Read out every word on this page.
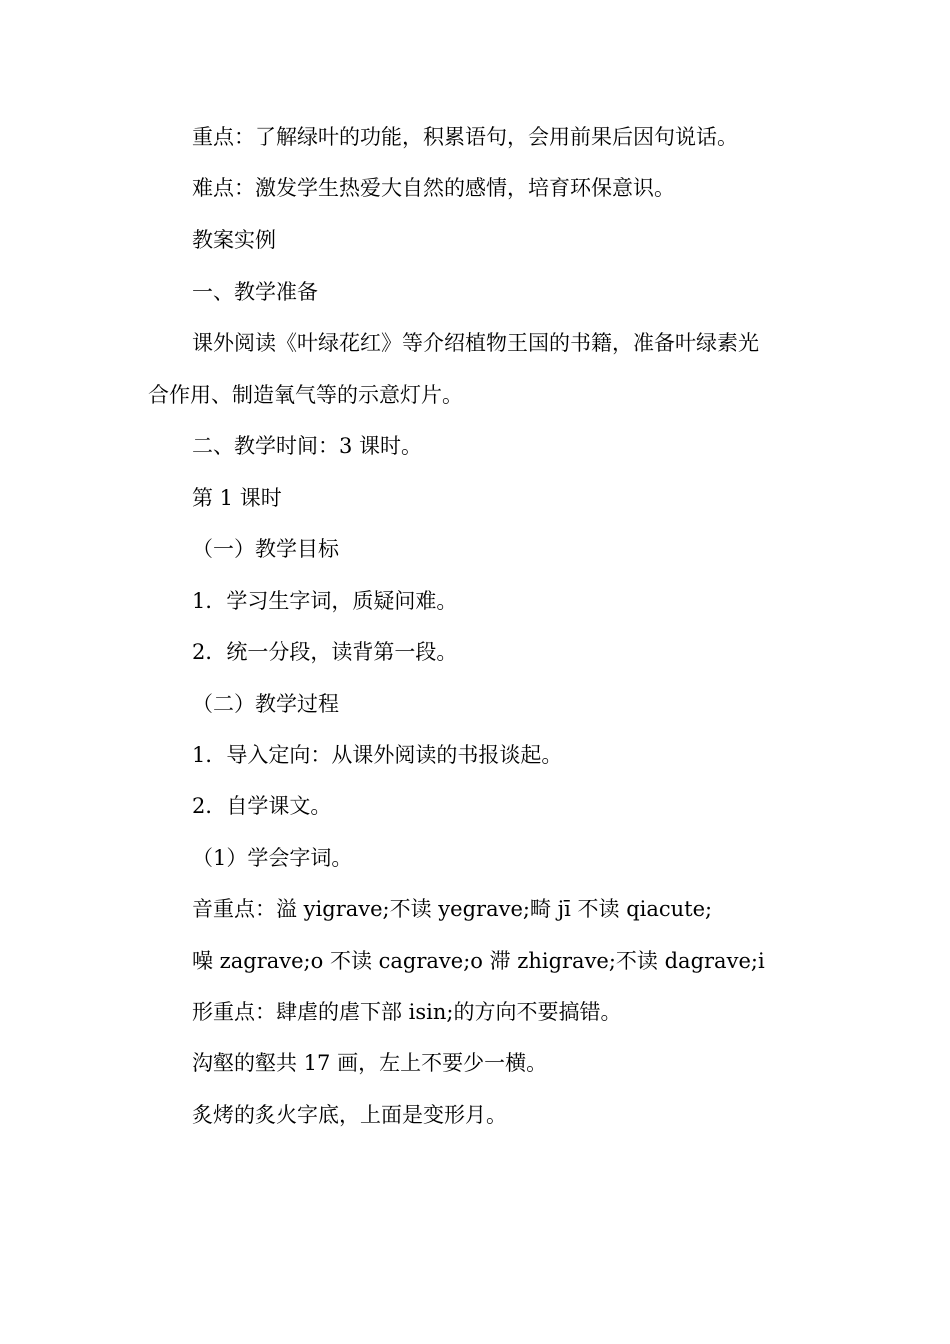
重点：了解绿叶的功能，积累语句，会用前果后因句说话。
难点：激发学生热爱大自然的感情，培育环保意识。
教案实例
一、教学准备
课外阅读《叶绿花红》等介绍植物王国的书籍，准备叶绿素光
合作用、制造氧气等的示意灯片。
二、教学时间：3 课时。
第 1 课时
（一）教学目标
1．学习生字词，质疑问难。
2．统一分段，读背第一段。
（二）教学过程
1．导入定向：从课外阅读的书报谈起。
2．自学课文。
（1）学会字词。
音重点：溢 yigrave;不读 yegrave;畸 jī 不读 qiacute;
噪 zagrave;o 不读 cagrave;o 滞 zhigrave;不读 dagrave;i
形重点：肆虐的虐下部 isin;的方向不要搞错。
沟壑的壑共 17 画，左上不要少一横。
炙烤的炙火字底，上面是变形月。
